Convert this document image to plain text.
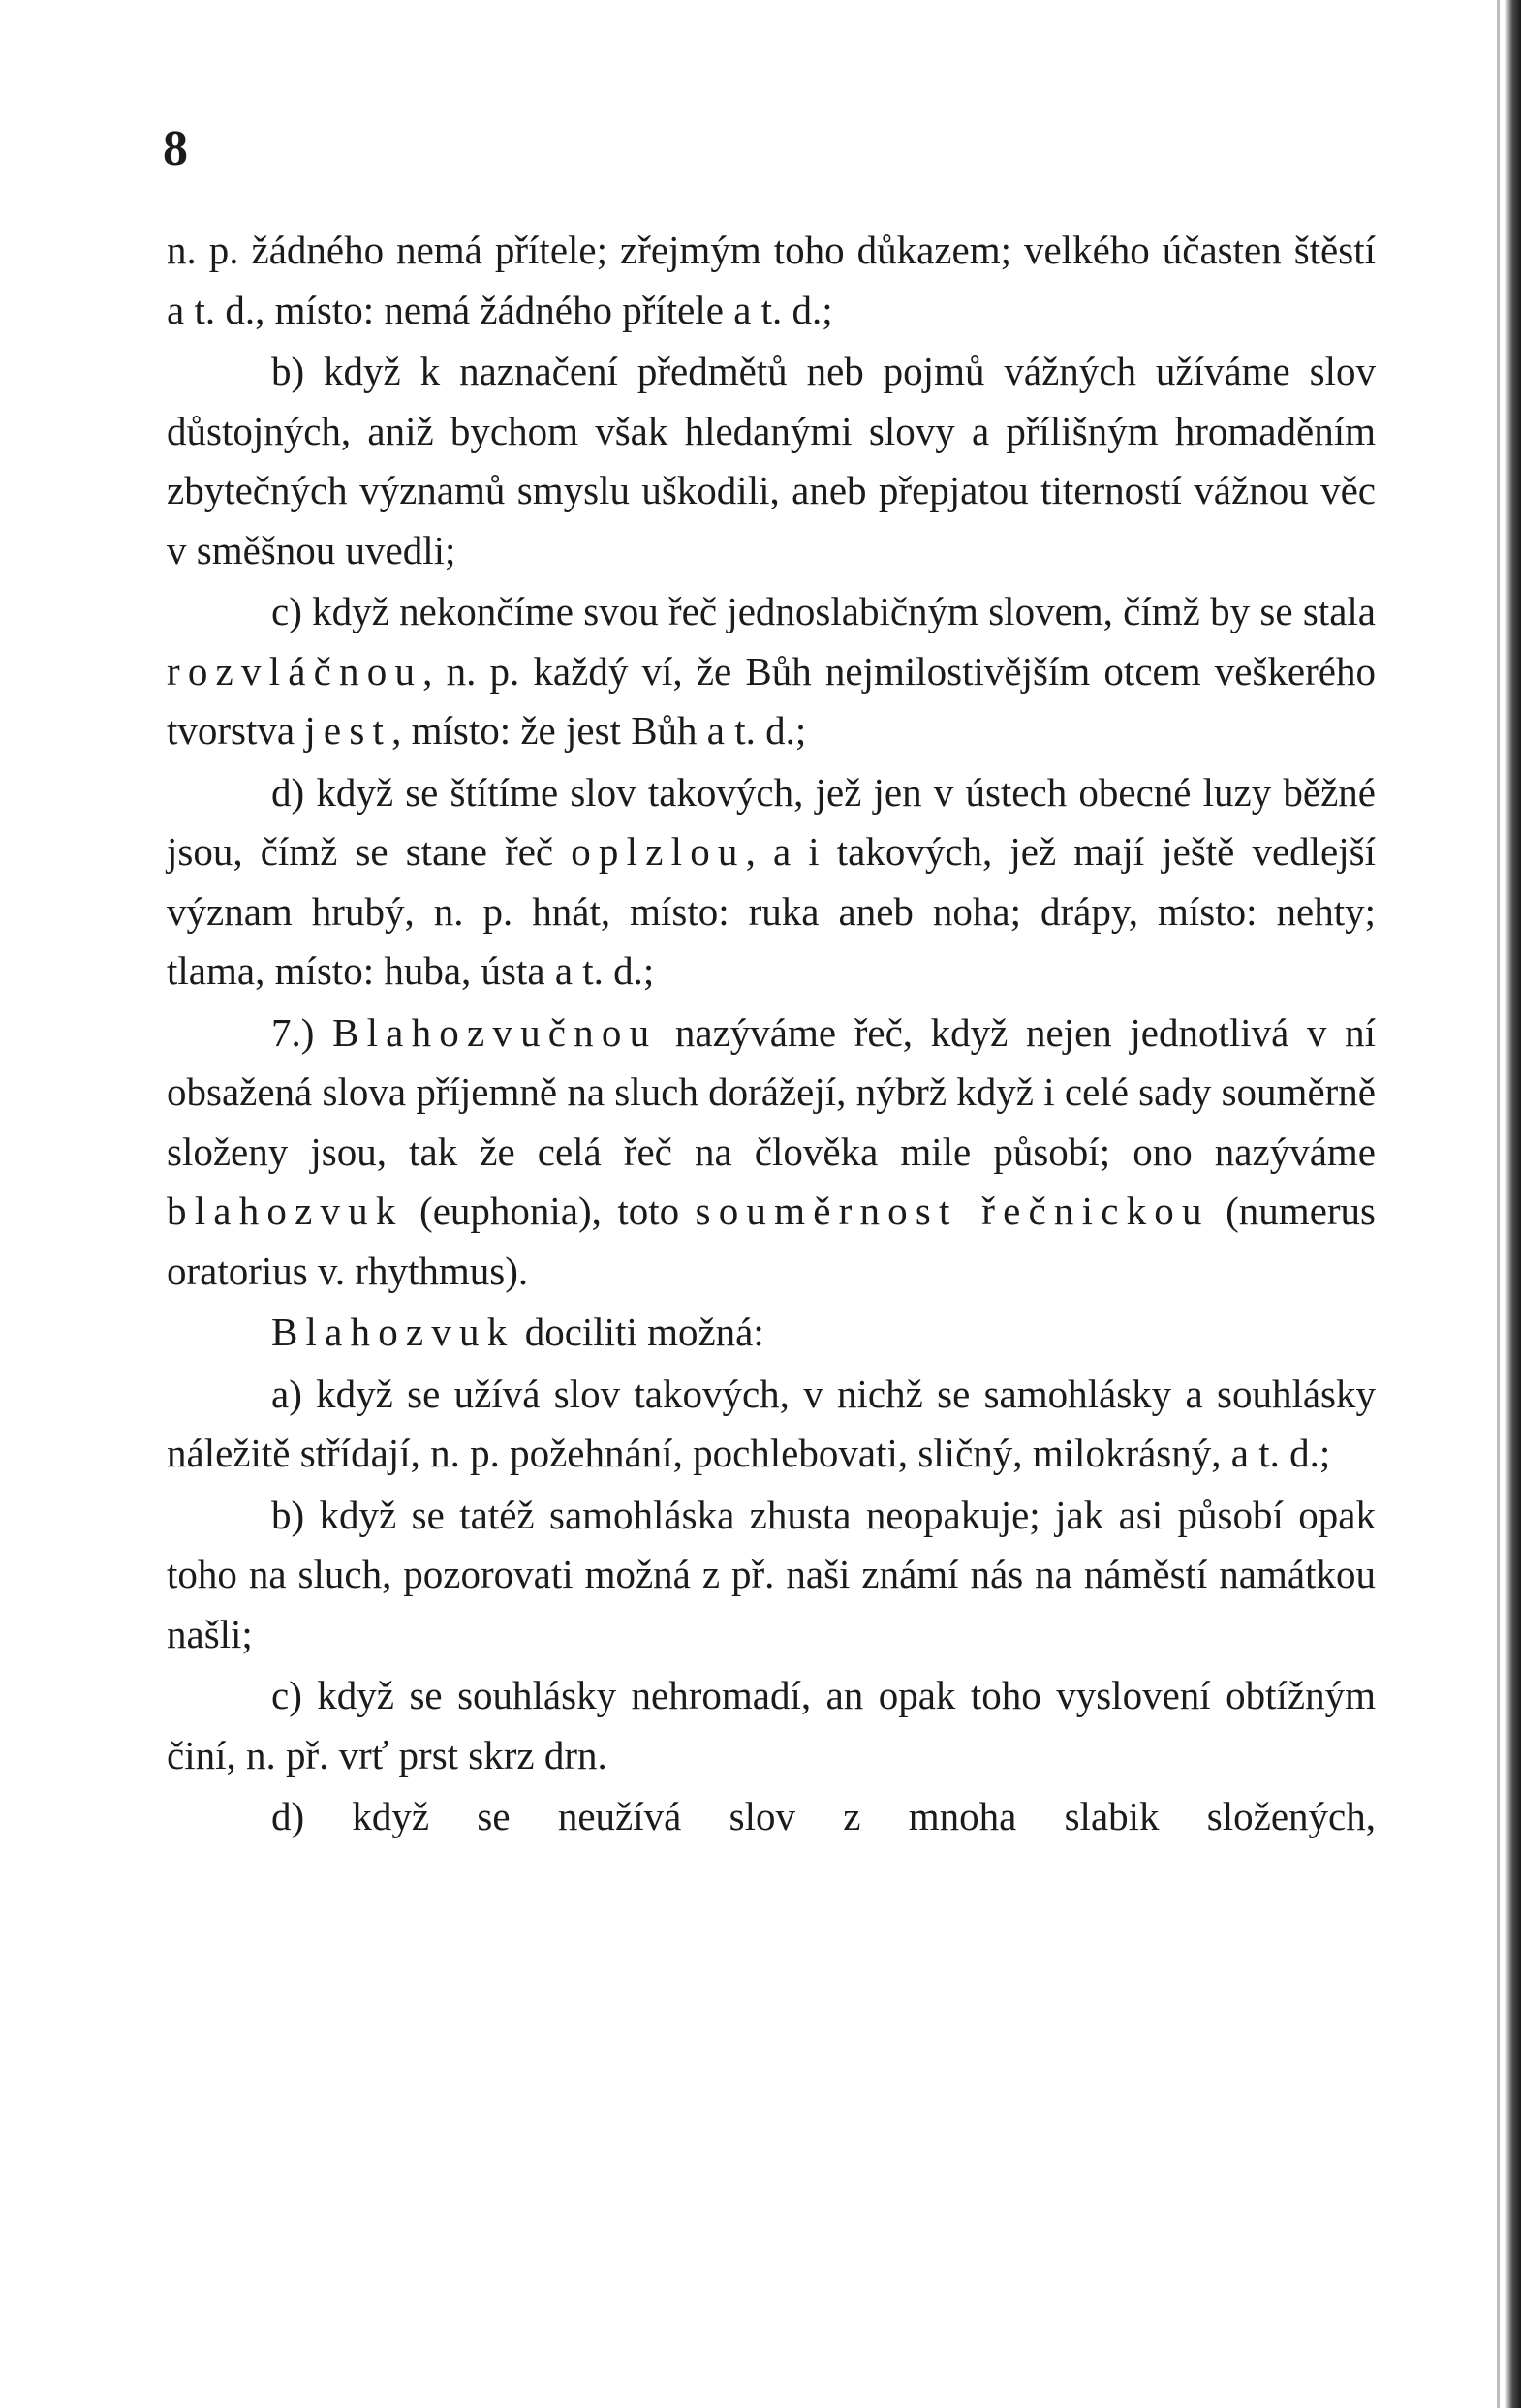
8

n. p. žádného nemá přítele; zřejmým toho důkazem; velkého účasten štěstí a t. d., místo: nemá žádného přítele a t. d.;

b) když k naznačení předmětů neb pojmů vážných užíváme slov důstojných, aniž bychom však hledanými slovy a přílišným hromaděním zbytečných významů smyslu uškodili, aneb přepjatou titerností vážnou věc v směšnou uvedli;

c) když nekončíme svou řeč jednoslabičným slovem, čímž by se stala rozvláčnou, n. p. každý ví, že Bůh nejmilostivějším otcem veškerého tvorstva jest, místo: že jest Bůh a t. d.;

d) když se štítíme slov takových, jež jen v ústech obecné luzy běžné jsou, čímž se stane řeč oplzlou, a i takových, jež mají ještě vedlejší význam hrubý, n. p. hnát, místo: ruka aneb noha; drápy, místo: nehty; tlama, místo: huba, ústa a t. d.;

7.) Blahozvučnou nazýváme řeč, když nejen jednotlivá v ní obsažená slova příjemně na sluch dorážejí, nýbrž když i celé sady souměrně složeny jsou, tak že celá řeč na člověka mile působí; ono nazýváme blahozvuk (euphonia), toto souměrnost řečnickou (numerus oratorius v. rhythmus).

Blahozvuk dociliti možná:

a) když se užívá slov takových, v nichž se samohlásky a souhlásky náležitě střídají, n. p. požehnání, pochlebovati, sličný, milokrásný, a t. d.;

b) když se tatéž samohláska zhusta neopakuje; jak asi působí opak toho na sluch, pozorovati možná z př. naši známí nás na náměstí namátkou našli;

c) když se souhlásky nehromadí, an opak toho vyslovení obtížným činí, n. př. vrť prst skrz drn.

d) když se neužívá slov z mnoha slabik složených,
